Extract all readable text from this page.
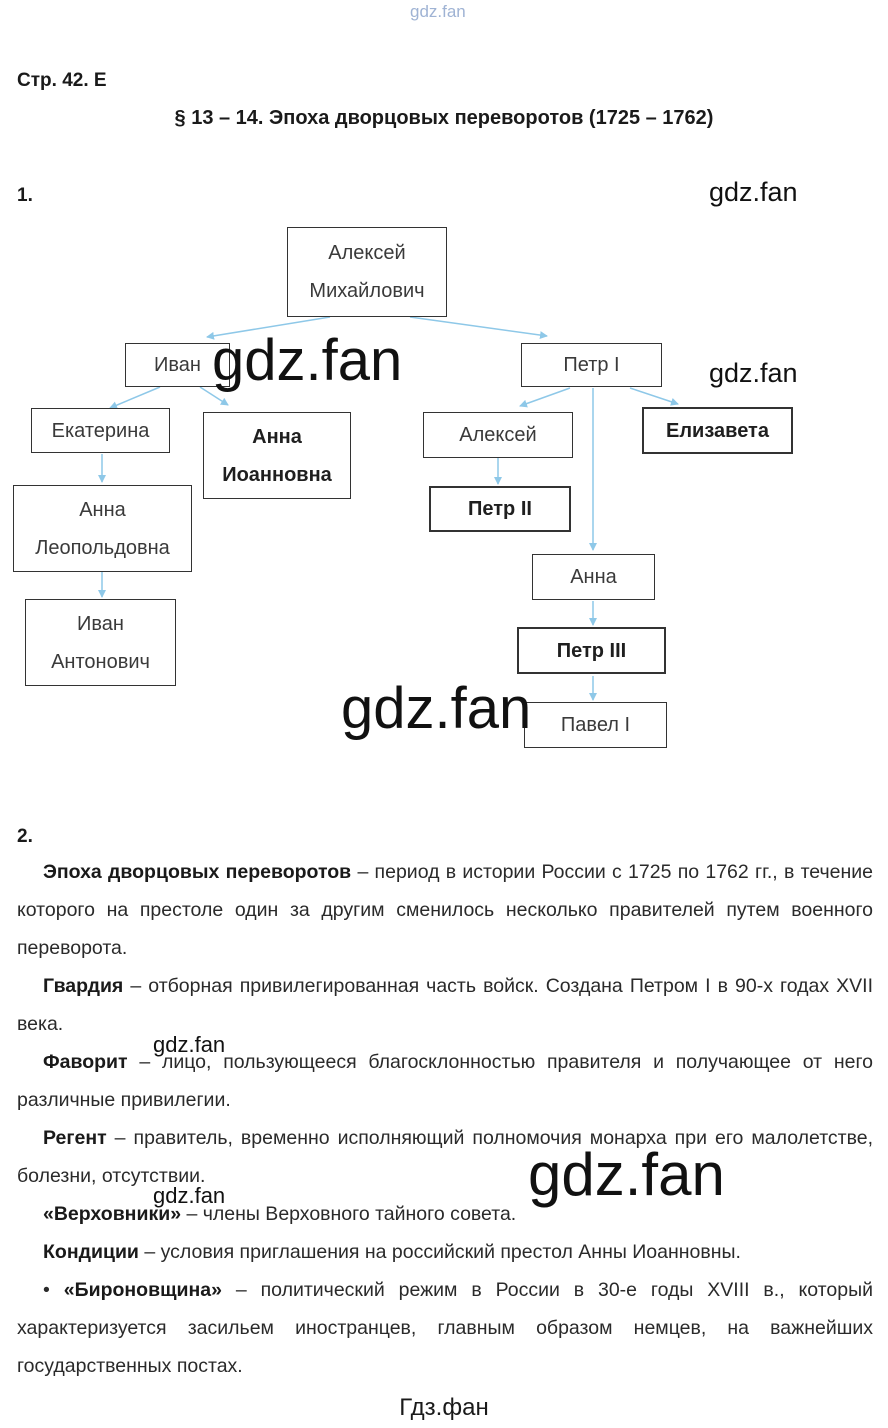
gdz.fan
Стр. 42. Е
§ 13 – 14. Эпоха дворцовых переворотов (1725 – 1762)
1.
Алексей
Михайлович
Иван	Петр I
Екатерина	Анна
Иоанновна
Алексей	Елизавета
Анна
Леопольдовна
Петр II
Иван
Антонович
Анна
Петр III
Павел I
gdz.fan
gdz.fan
gdz.fan
gdz.fan
2.
Эпоха дворцовых переворотов – период в истории России с 1725 по 1762 гг., в течение которого на престоле один за другим сменилось несколько правителей путем военного переворота.
Гвардия – отборная привилегированная часть войск. Создана Петром I в 90-х годах XVII века.
Фаворит – лицо, пользующееся благосклонностью правителя и получающее от него различные привилегии.
Регент – правитель, временно исполняющий полномочия монарха при его малолетстве, болезни, отсутствии.
«Верховники» – члены Верховного тайного совета.
Кондиции – условия приглашения на российский престол Анны Иоанновны.
• «Бироновщина» – политический режим в России в 30-е годы XVIII в., который характеризуется засильем иностранцев, главным образом немцев, на важнейших государственных постах.
gdz.fan
gdz.fan	gdz.fan
Гдз.фан
